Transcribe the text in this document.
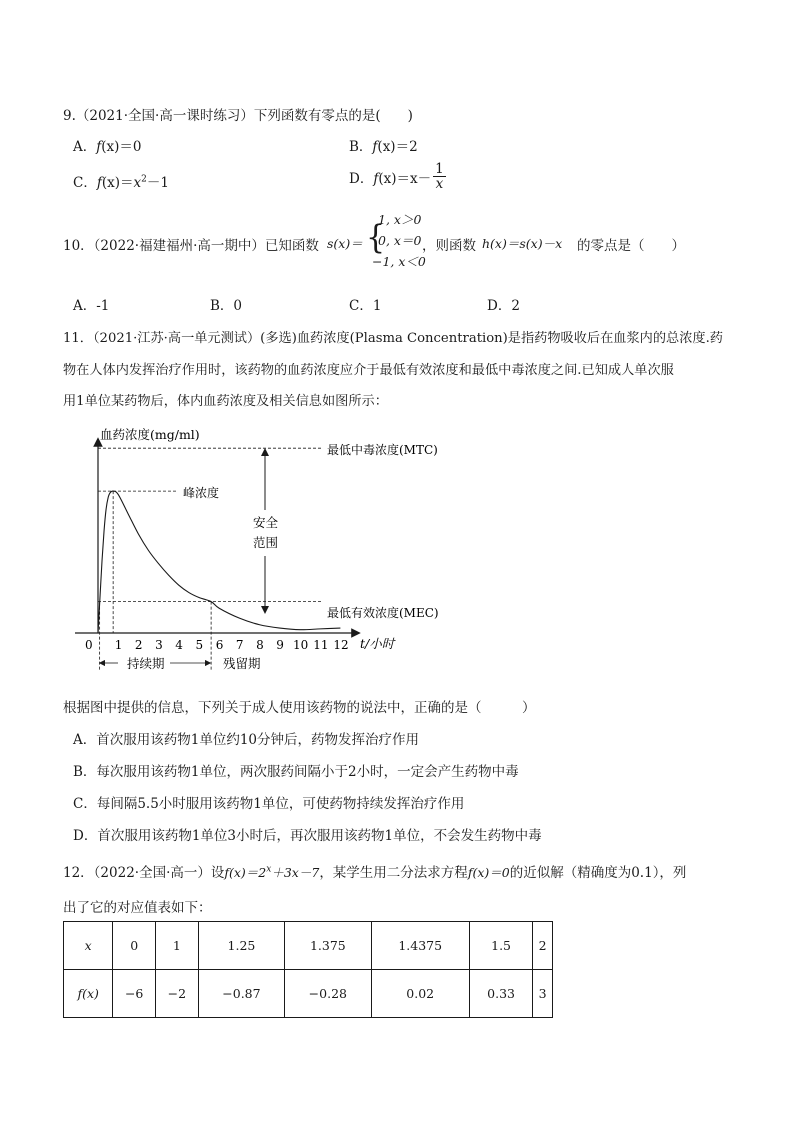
9.（2021·全国·高一课时练习）下列函数有零点的是(　　)
A．f(x)＝0	B．f(x)＝2
C．$f(x)=x^2-1$	D．$f(x)=x- \frac{1}{x}$
10．（2022·福建福州·高一期中）已知函数 s(x)＝ {
1, x＞0
0, x＝0
−1, x＜0
，则函数 h(x)＝s(x)－x 的零点是（　　）
A．-1	B．0	C．1	D．2
11．（2021·江苏·高一单元测试）(多选)血药浓度(Plasma Concentration)是指药物吸收后在血浆内的总浓度.药
物在人体内发挥治疗作用时，该药物的血药浓度应介于最低有效浓度和最低中毒浓度之间.已知成人单次服
用1单位某药物后，体内血药浓度及相关信息如图所示：
血药浓度(mg/ml)
t/小时
安全
范围
最低中毒浓度(MTC)
峰浓度
最低有效浓度(MEC)
0 1 2 3 4 5 6 7 8 9 10 11 12
持续期	残留期
根据图中提供的信息，下列关于成人使用该药物的说法中，正确的是（　　　）
A．首次服用该药物1单位约10分钟后，药物发挥治疗作用
B．每次服用该药物1单位，两次服药间隔小于2小时，一定会产生药物中毒
C．每间隔5.5小时服用该药物1单位，可使药物持续发挥治疗作用
D．首次服用该药物1单位3小时后，再次服用该药物1单位，不会发生药物中毒
12．（2022·全国·高一）设$f(x)=2^x+3x-7$，某学生用二分法求方程f(x)＝0的近似解（精确度为0.1），列
出了它的对应值表如下：
x	0	1	1.25	1.375	1.4375	1.5	2
f(x)	−6	−2	−0.87	−0.28	0.02	0.33	3
